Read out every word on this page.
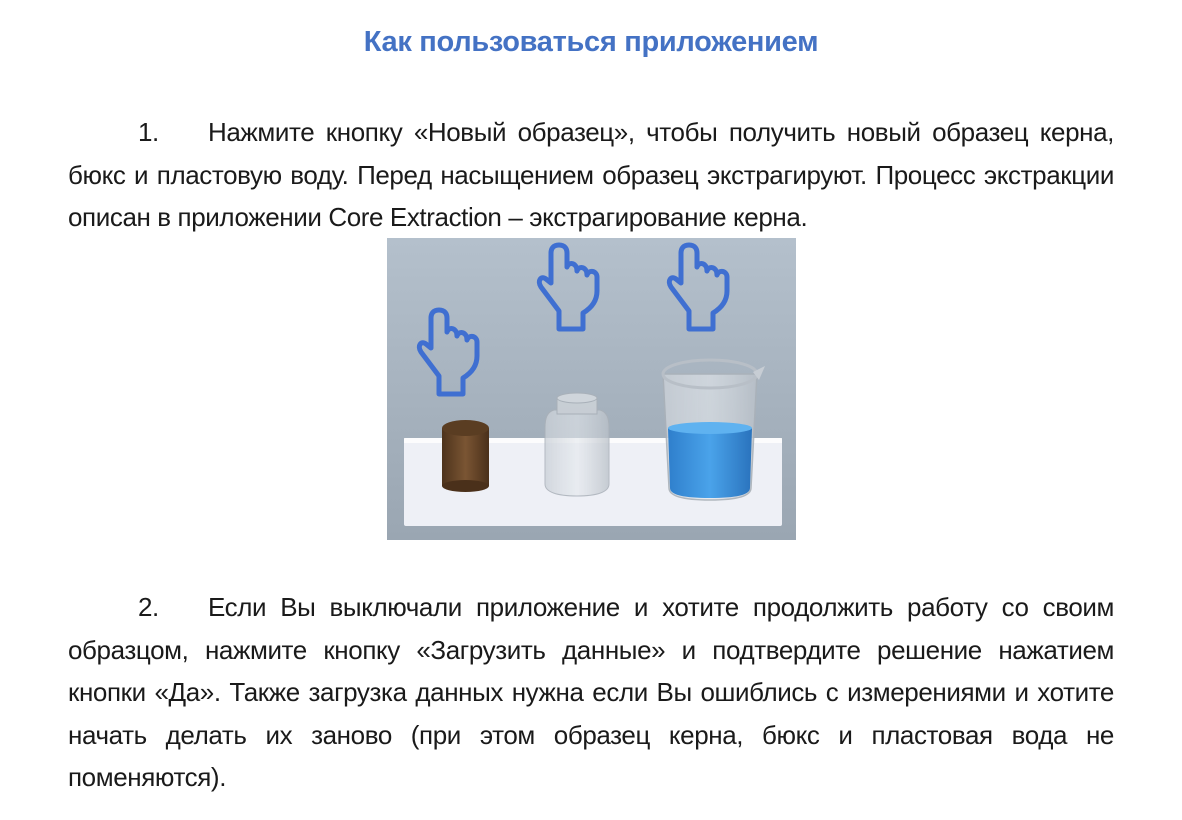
Как пользоваться приложением

1. Нажмите кнопку «Новый образец», чтобы получить новый образец керна, бюкс и пластовую воду. Перед насыщением образец экстрагируют. Процесс экстракции описан в приложении Core Extraction – экстрагирование керна.

2. Если Вы выключали приложение и хотите продолжить работу со своим образцом, нажмите кнопку «Загрузить данные» и подтвердите решение нажатием кнопки «Да». Также загрузка данных нужна если Вы ошиблись с измерениями и хотите начать делать их заново (при этом образец керна, бюкс и пластовая вода не поменяются).
